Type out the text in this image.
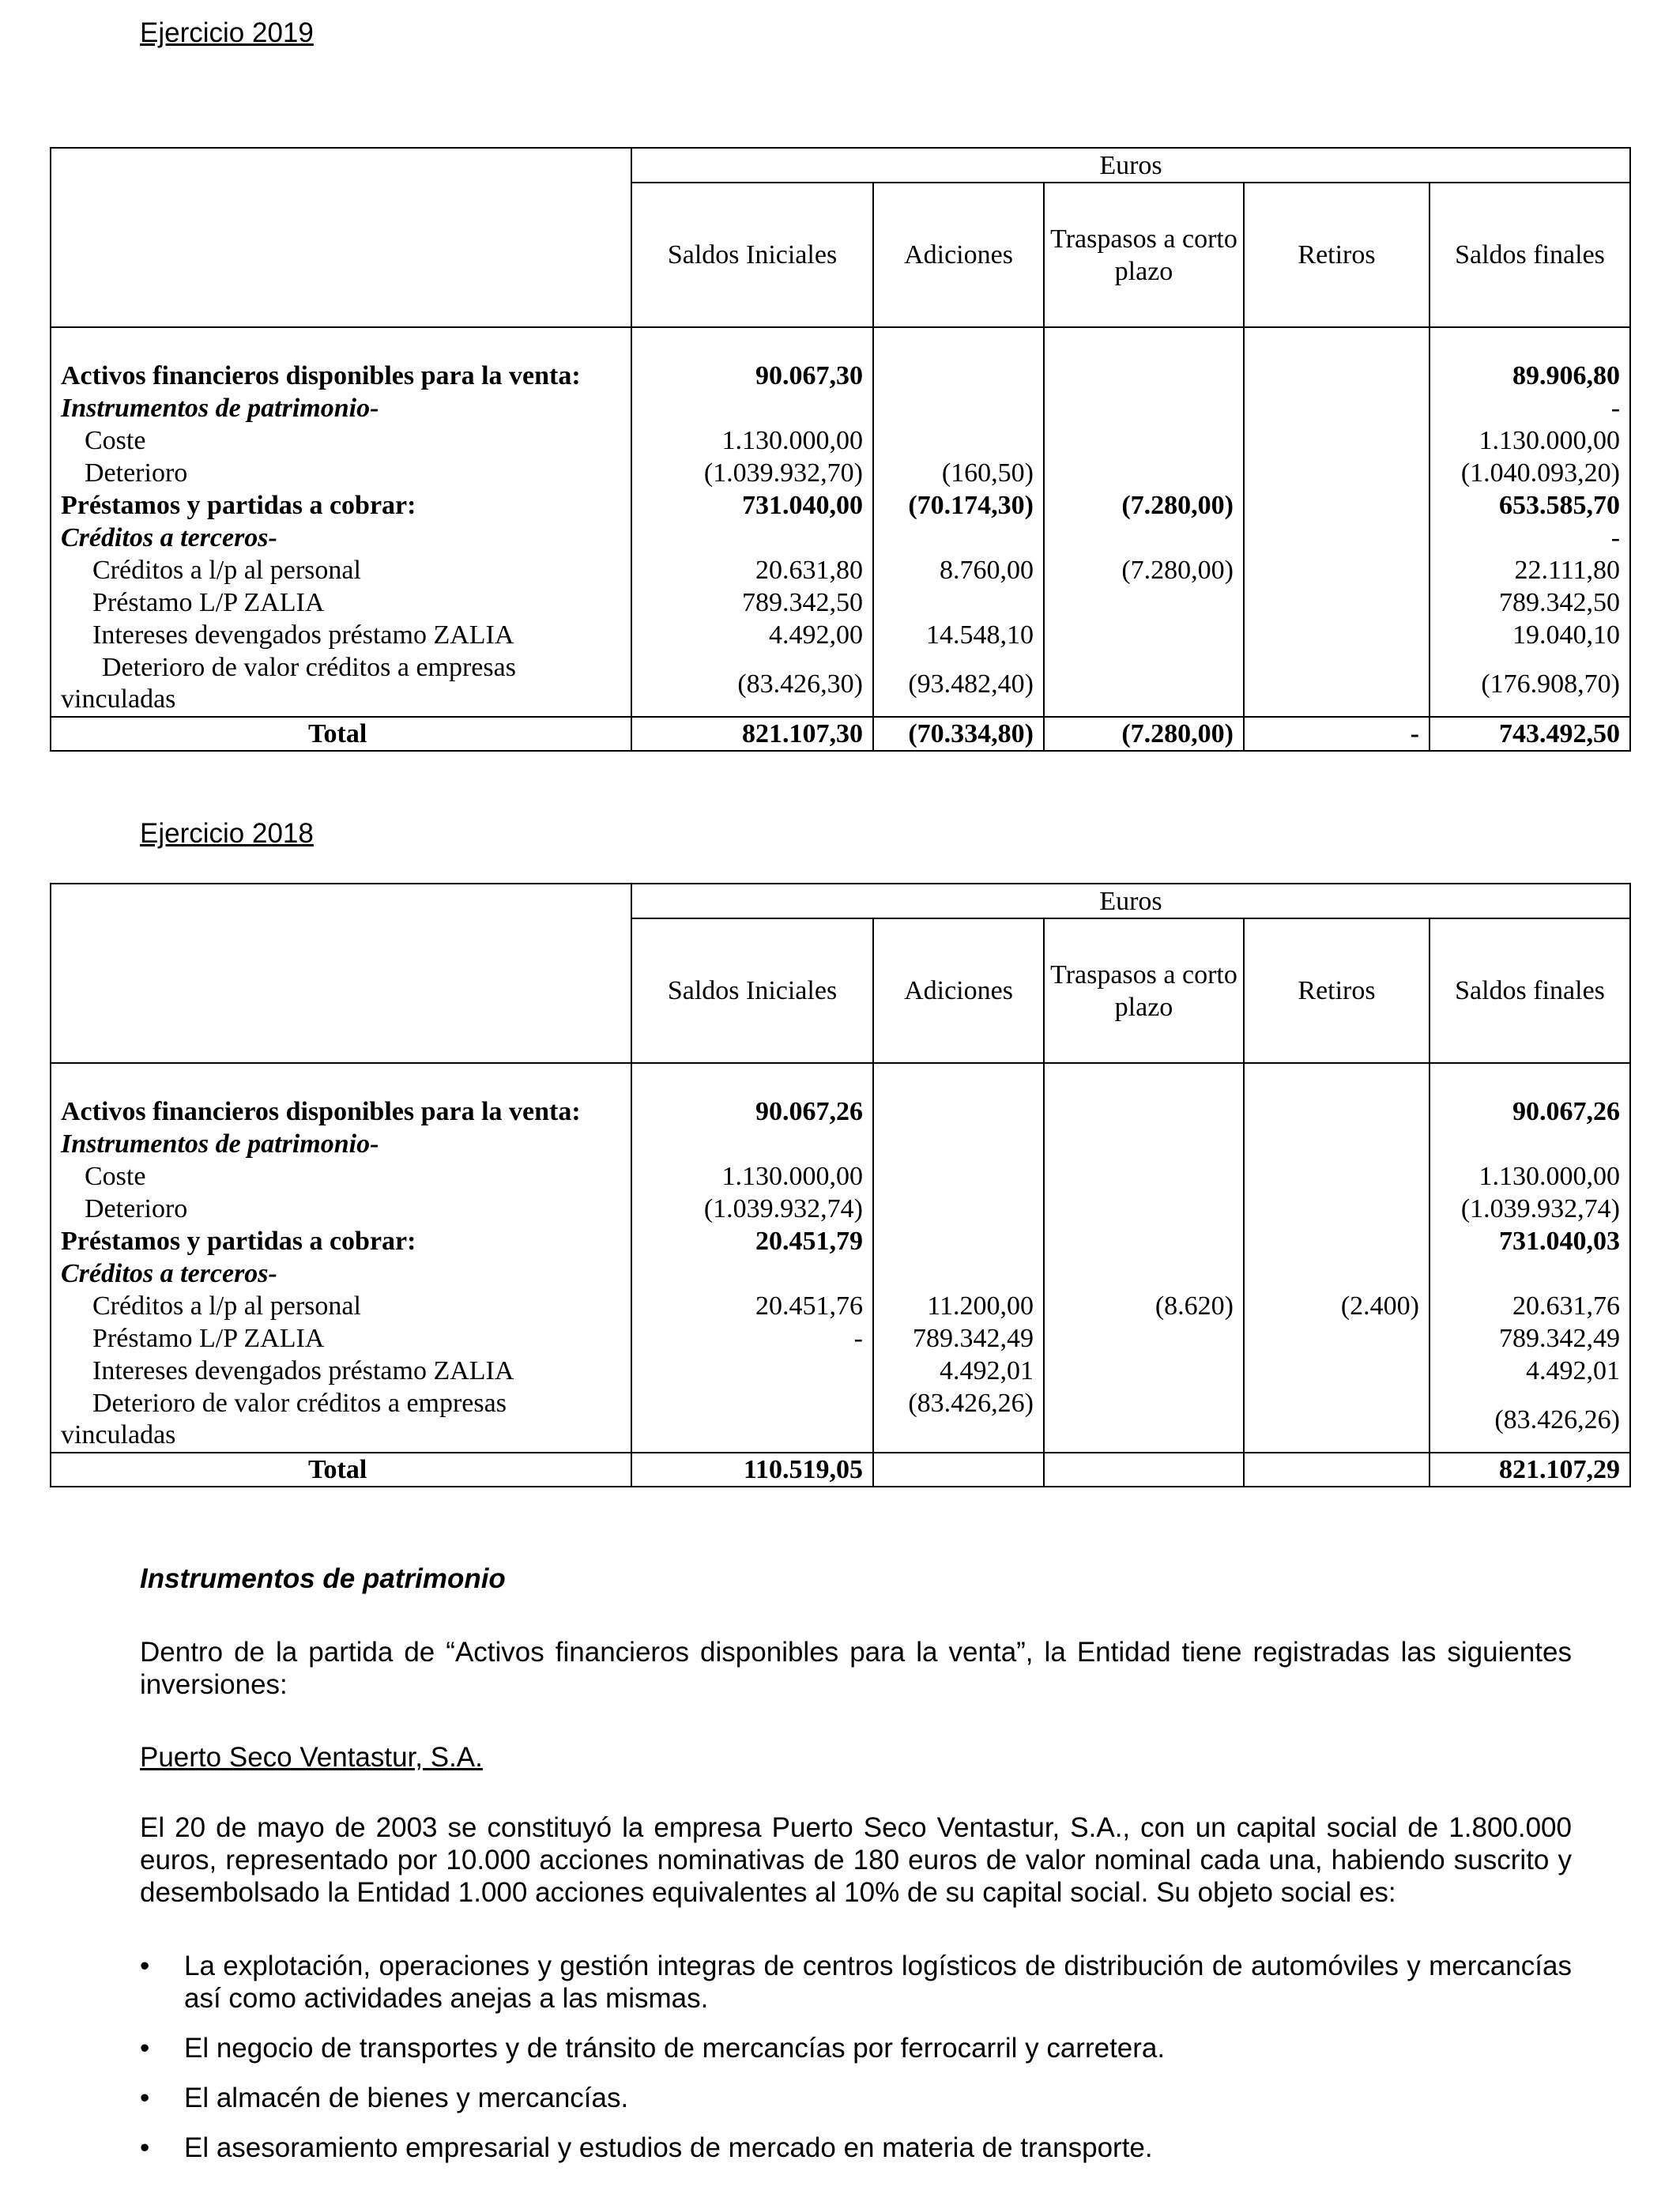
Ejercicio 2019
	Euros				
	Saldos Iniciales	Adiciones	Traspasos a corto plazo	Retiros	Saldos finales

Activos financieros disponibles para la venta:	90.067,30				89.906,80
Instrumentos de patrimonio-					-
Coste	1.130.000,00				1.130.000,00
Deterioro	(1.039.932,70)	(160,50)			(1.040.093,20)
Préstamos y partidas a cobrar:	731.040,00	(70.174,30)	(7.280,00)		653.585,70
Créditos a terceros-					-
Créditos a l/p al personal	20.631,80	8.760,00	(7.280,00)		22.111,80
Préstamo L/P ZALIA	789.342,50				789.342,50
Intereses devengados préstamo ZALIA	4.492,00	14.548,10			19.040,10

Deterioro de valor créditos a empresas
vinculadas	(83.426,30)	(93.482,40)			(176.908,70)
Total	821.107,30	(70.334,80)	(7.280,00)	-	743.492,50
Ejercicio 2018
	Euros				
	Saldos Iniciales	Adiciones	Traspasos a corto plazo	Retiros	Saldos finales

Activos financieros disponibles para la venta:	90.067,26				90.067,26
Instrumentos de patrimonio-					
Coste	1.130.000,00				1.130.000,00
Deterioro	(1.039.932,74)				(1.039.932,74)
Préstamos y partidas a cobrar:	20.451,79				731.040,03
Créditos a terceros-					
Créditos a l/p al personal	20.451,76	11.200,00	(8.620)	(2.400)	20.631,76
Préstamo L/P ZALIA	-	789.342,49			789.342,49
Intereses devengados préstamo ZALIA		4.492,01			4.492,01

Deterioro de valor créditos a empresas
vinculadas		(83.426,26)			(83.426,26)
Total	110.519,05				821.107,29
Instrumentos de patrimonio
Dentro de la partida de “Activos financieros disponibles para la venta”, la Entidad tiene registradas las siguientes inversiones:
Puerto Seco Ventastur, S.A.
El 20 de mayo de 2003 se constituyó la empresa Puerto Seco Ventastur, S.A., con un capital social de 1.800.000 euros, representado por 10.000 acciones nominativas de 180 euros de valor nominal cada una, habiendo suscrito y desembolsado la Entidad 1.000 acciones equivalentes al 10% de su capital social. Su objeto social es:
• La explotación, operaciones y gestión integras de centros logísticos de distribución de automóviles y mercancías así como actividades anejas a las mismas.
• El negocio de transportes y de tránsito de mercancías por ferrocarril y carretera.
• El almacén de bienes y mercancías.
• El asesoramiento empresarial y estudios de mercado en materia de transporte.
